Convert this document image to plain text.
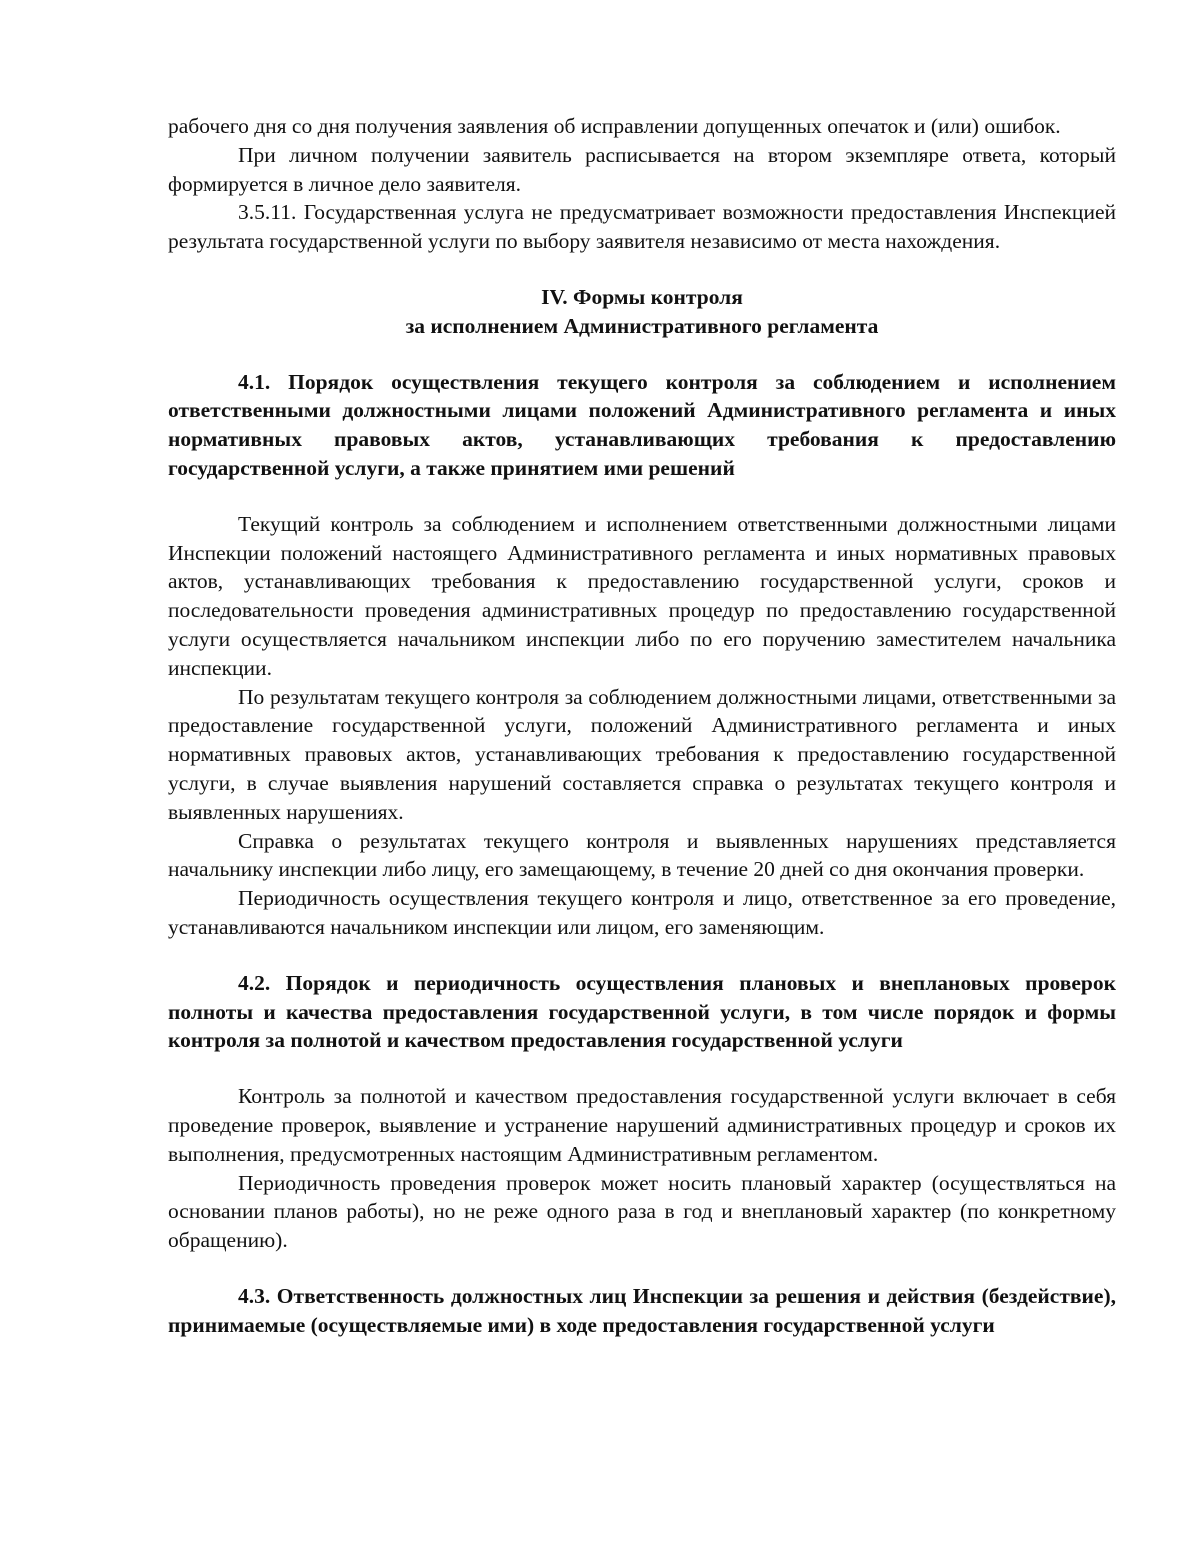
рабочего дня со дня получения заявления об исправлении допущенных опечаток и (или) ошибок.

При личном получении заявитель расписывается на втором экземпляре ответа, который формируется в личное дело заявителя.

3.5.11. Государственная услуга не предусматривает возможности предоставления Инспекцией результата государственной услуги по выбору заявителя независимо от места нахождения.

IV. Формы контроля

за исполнением Административного регламента

4.1. Порядок осуществления текущего контроля за соблюдением и исполнением ответственными должностными лицами положений Административного регламента и иных нормативных правовых актов, устанавливающих требования к предоставлению государственной услуги, а также принятием ими решений

Текущий контроль за соблюдением и исполнением ответственными должностными лицами Инспекции положений настоящего Административного регламента и иных нормативных правовых актов, устанавливающих требования к предоставлению государственной услуги, сроков и последовательности проведения административных процедур по предоставлению государственной услуги осуществляется начальником инспекции либо по его поручению заместителем начальника инспекции.

По результатам текущего контроля за соблюдением должностными лицами, ответственными за предоставление государственной услуги, положений Административного регламента и иных нормативных правовых актов, устанавливающих требования к предоставлению государственной услуги, в случае выявления нарушений составляется справка о результатах текущего контроля и выявленных нарушениях.

Справка о результатах текущего контроля и выявленных нарушениях представляется начальнику инспекции либо лицу, его замещающему, в течение 20 дней со дня окончания проверки.

Периодичность осуществления текущего контроля и лицо, ответственное за его проведение, устанавливаются начальником инспекции или лицом, его заменяющим.

4.2. Порядок и периодичность осуществления плановых и внеплановых проверок полноты и качества предоставления государственной услуги, в том числе порядок и формы контроля за полнотой и качеством предоставления государственной услуги

Контроль за полнотой и качеством предоставления государственной услуги включает в себя проведение проверок, выявление и устранение нарушений административных процедур и сроков их выполнения, предусмотренных настоящим Административным регламентом.

Периодичность проведения проверок может носить плановый характер (осуществляться на основании планов работы), но не реже одного раза в год и внеплановый характер (по конкретному обращению).

4.3. Ответственность должностных лиц Инспекции за решения и действия (бездействие), принимаемые (осуществляемые ими) в ходе предоставления государственной услуги
